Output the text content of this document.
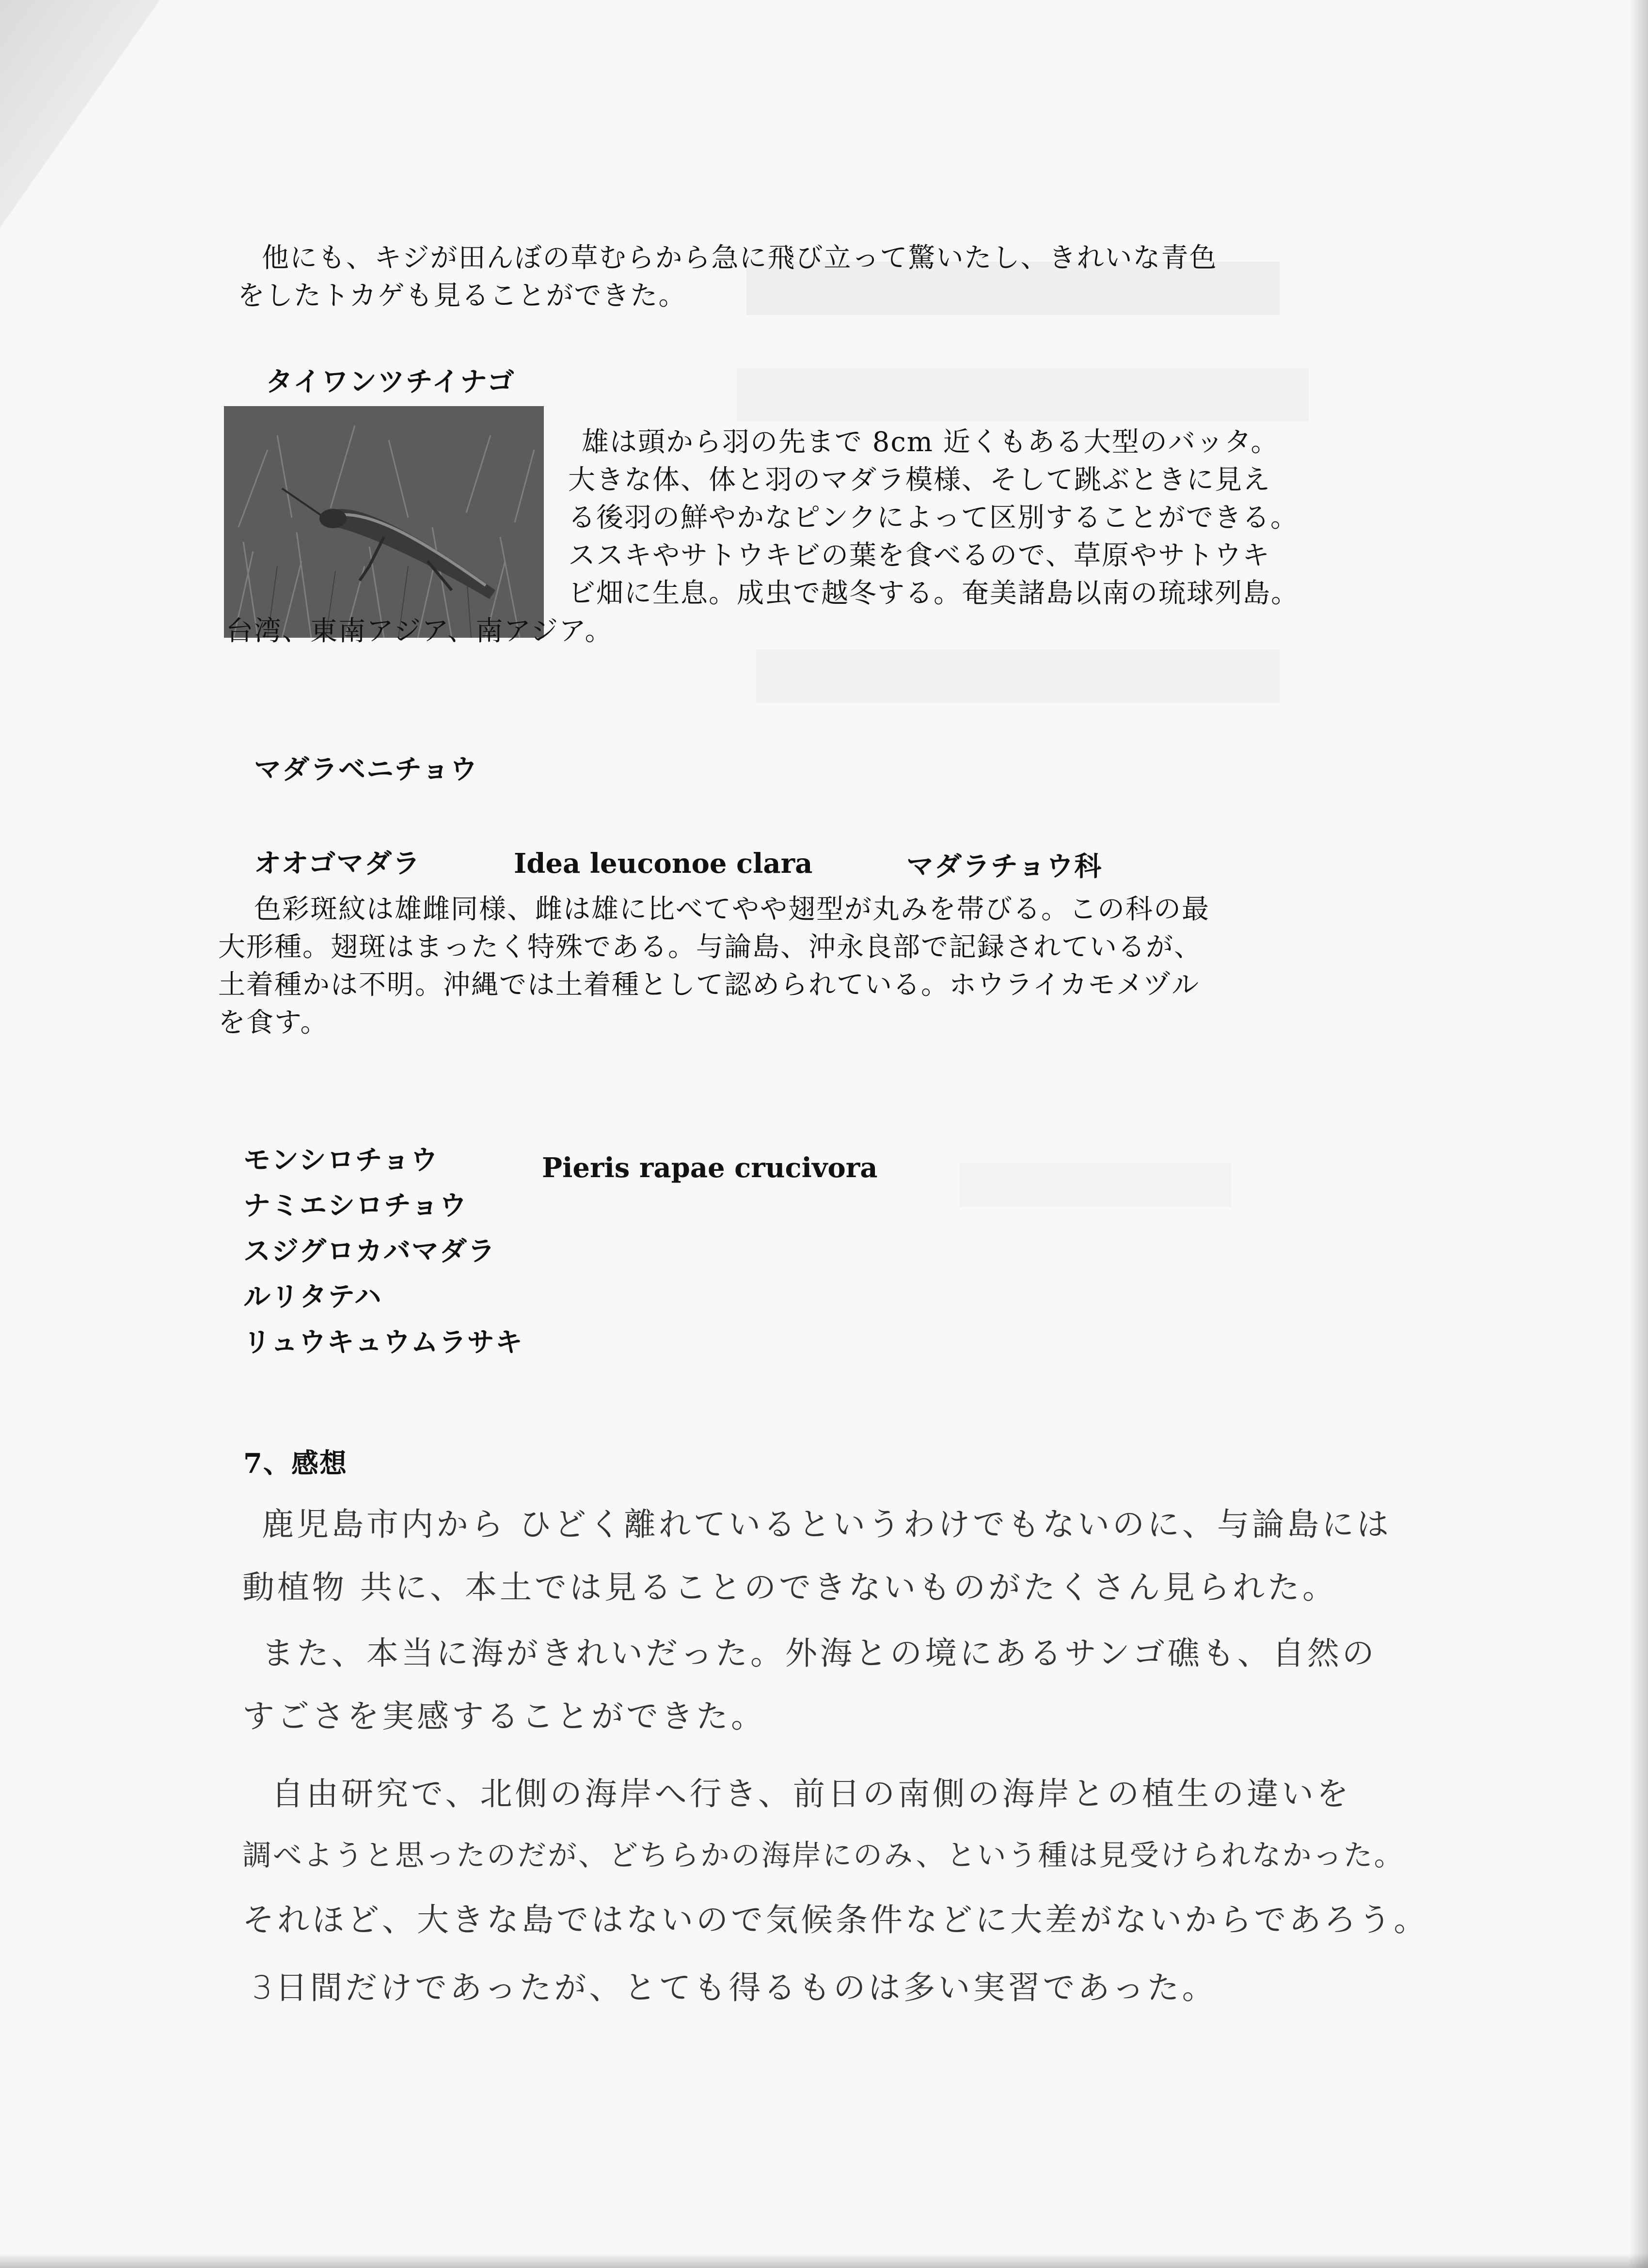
他にも、キジが田んぼの草むらから急に飛び立って驚いたし、きれいな青色
をしたトカゲも見ることができた。
タイワンツチイナゴ
雄は頭から羽の先まで 8cm 近くもある大型のバッタ。
大きな体、体と羽のマダラ模様、そして跳ぶときに見え
る後羽の鮮やかなピンクによって区別することができる。
ススキやサトウキビの葉を食べるので、草原やサトウキ
ビ畑に生息。成虫で越冬する。奄美諸島以南の琉球列島。
台湾、東南アジア、南アジア。
マダラベニチョウ
オオゴマダラ	Idea leuconoe clara	マダラチョウ科
色彩斑紋は雄雌同様、雌は雄に比べてやや翅型が丸みを帯びる。この科の最
大形種。翅斑はまったく特殊である。与論島、沖永良部で記録されているが、
土着種かは不明。沖縄では土着種として認められている。ホウライカモメヅル
を食す。
モンシロチョウ	Pieris rapae crucivora
ナミエシロチョウ
スジグロカバマダラ
ルリタテハ
リュウキュウムラサキ
7、感想
鹿児島市内から ひどく離れているというわけでもないのに、与論島には
動植物 共に、本土では見ることのできないものがたくさん見られた。
また、本当に海がきれいだった。外海との境にあるサンゴ礁も、自然の
すごさを実感することができた。
自由研究で、北側の海岸へ行き、前日の南側の海岸との植生の違いを
調べようと思ったのだが、どちらかの海岸にのみ、という種は見受けられなかった。
それほど、大きな島ではないので気候条件などに大差がないからであろう。
3日間だけであったが、とても得るものは多い実習であった。
